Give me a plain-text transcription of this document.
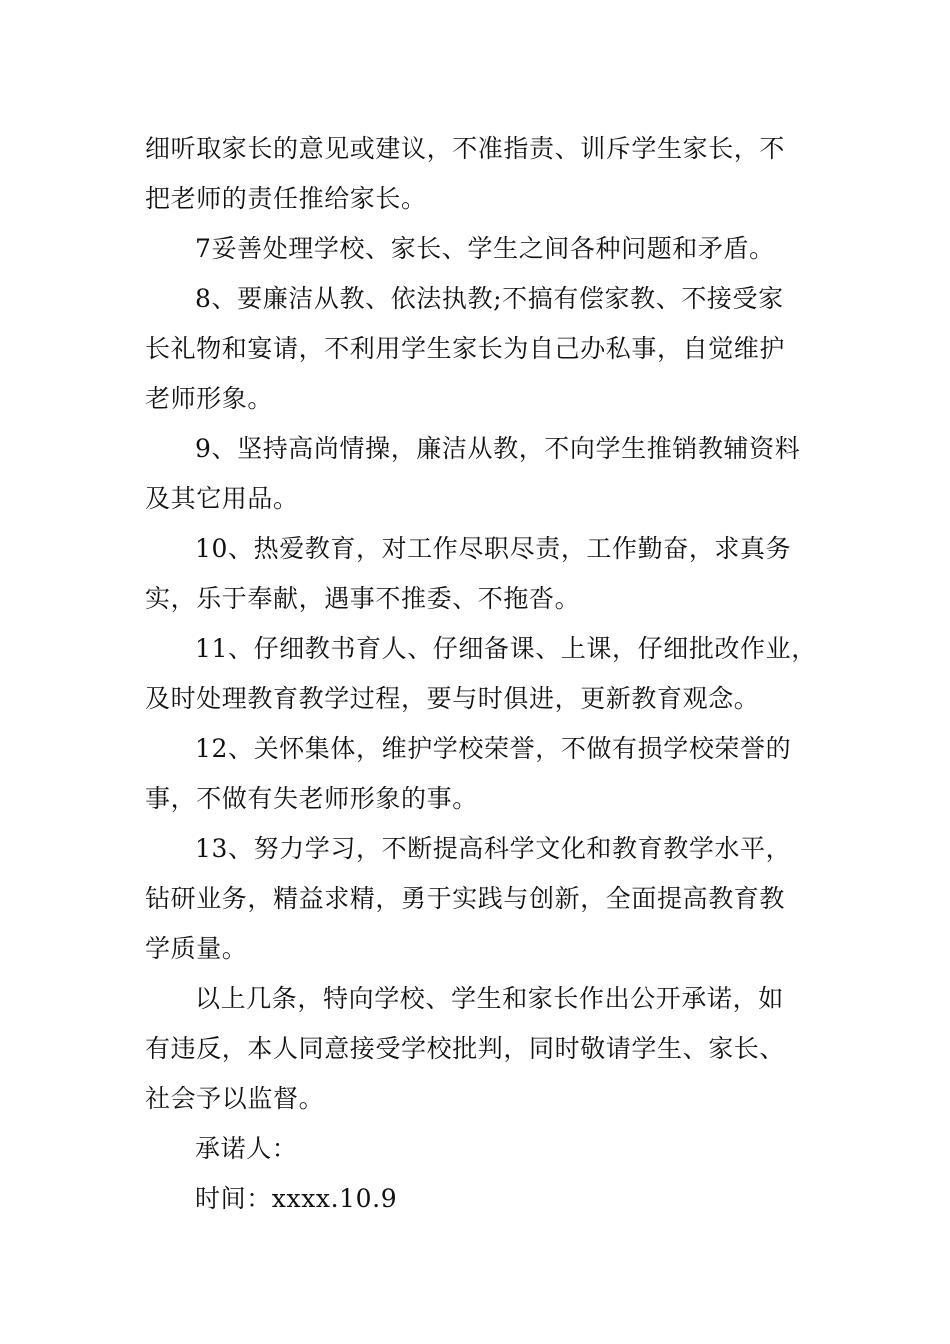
细听取家长的意见或建议，不准指责、训斥学生家长，不
把老师的责任推给家长。

7妥善处理学校、家长、学生之间各种问题和矛盾。

8、要廉洁从教、依法执教;不搞有偿家教、不接受家
长礼物和宴请，不利用学生家长为自己办私事，自觉维护
老师形象。

9、坚持高尚情操，廉洁从教，不向学生推销教辅资料
及其它用品。

10、热爱教育，对工作尽职尽责，工作勤奋，求真务
实，乐于奉献，遇事不推委、不拖沓。

11、仔细教书育人、仔细备课、上课，仔细批改作业，
及时处理教育教学过程，要与时俱进，更新教育观念。

12、关怀集体，维护学校荣誉，不做有损学校荣誉的
事，不做有失老师形象的事。

13、努力学习，不断提高科学文化和教育教学水平，
钻研业务，精益求精，勇于实践与创新，全面提高教育教
学质量。

以上几条，特向学校、学生和家长作出公开承诺，如
有违反，本人同意接受学校批判，同时敬请学生、家长、
社会予以监督。

承诺人：

时间：xxxx.10.9
